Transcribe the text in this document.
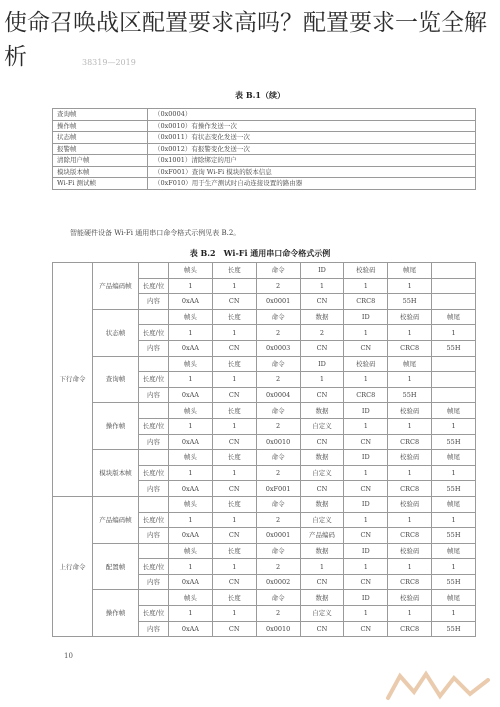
使命召唤战区配置要求高吗？配置要求一览全解析	38319—2019
表 B.1（续）
查询帧	（0x0004）
操作帧	（0x0010）有操作发送一次
状态帧	（0x0011）有状态变化发送一次
报警帧	（0x0012）有报警变化发送一次
清除用户帧	（0x1001）清除绑定的用户
模块版本帧	（0xF001）查询 Wi-Fi 模块的版本信息
Wi-Fi 测试帧	（0xF010）用于生产测试时自动连接设置的路由器
智能硬件设备 Wi-Fi 通用串口命令格式示例见表 B.2。
表 B.2　Wi-Fi 通用串口命令格式示例
下行命令	产品编码帧		帧头	长度	命令	ID	校验码	帧尾	
		长度/位	1	1	2	1	1	1	
		内容	0xAA	CN	0x0001	CN	CRC8	55H	
	状态帧		帧头	长度	命令	数据	ID	校验码	帧尾
		长度/位	1	1	2	2	1	1	1
		内容	0xAA	CN	0x0003	CN	CN	CRC8	55H
	查询帧		帧头	长度	命令	ID	校验码	帧尾	
		长度/位	1	1	2	1	1	1	
		内容	0xAA	CN	0x0004	CN	CRC8	55H	
	操作帧		帧头	长度	命令	数据	ID	校验码	帧尾
		长度/位	1	1	2	自定义	1	1	1
		内容	0xAA	CN	0x0010	CN	CN	CRC8	55H
	模块版本帧		帧头	长度	命令	数据	ID	校验码	帧尾
		长度/位	1	1	2	自定义	1	1	1
		内容	0xAA	CN	0xF001	CN	CN	CRC8	55H
上行命令	产品编码帧		帧头	长度	命令	数据	ID	校验码	帧尾
		长度/位	1	1	2	自定义	1	1	1
		内容	0xAA	CN	0x0001	产品编码	CN	CRC8	55H
	配置帧		帧头	长度	命令	数据	ID	校验码	帧尾
		长度/位	1	1	2	1	1	1	1
		内容	0xAA	CN	0x0002	CN	CN	CRC8	55H
	操作帧		帧头	长度	命令	数据	ID	校验码	帧尾
		长度/位	1	1	2	自定义	1	1	1
		内容	0xAA	CN	0x0010	CN	CN	CRC8	55H
10
